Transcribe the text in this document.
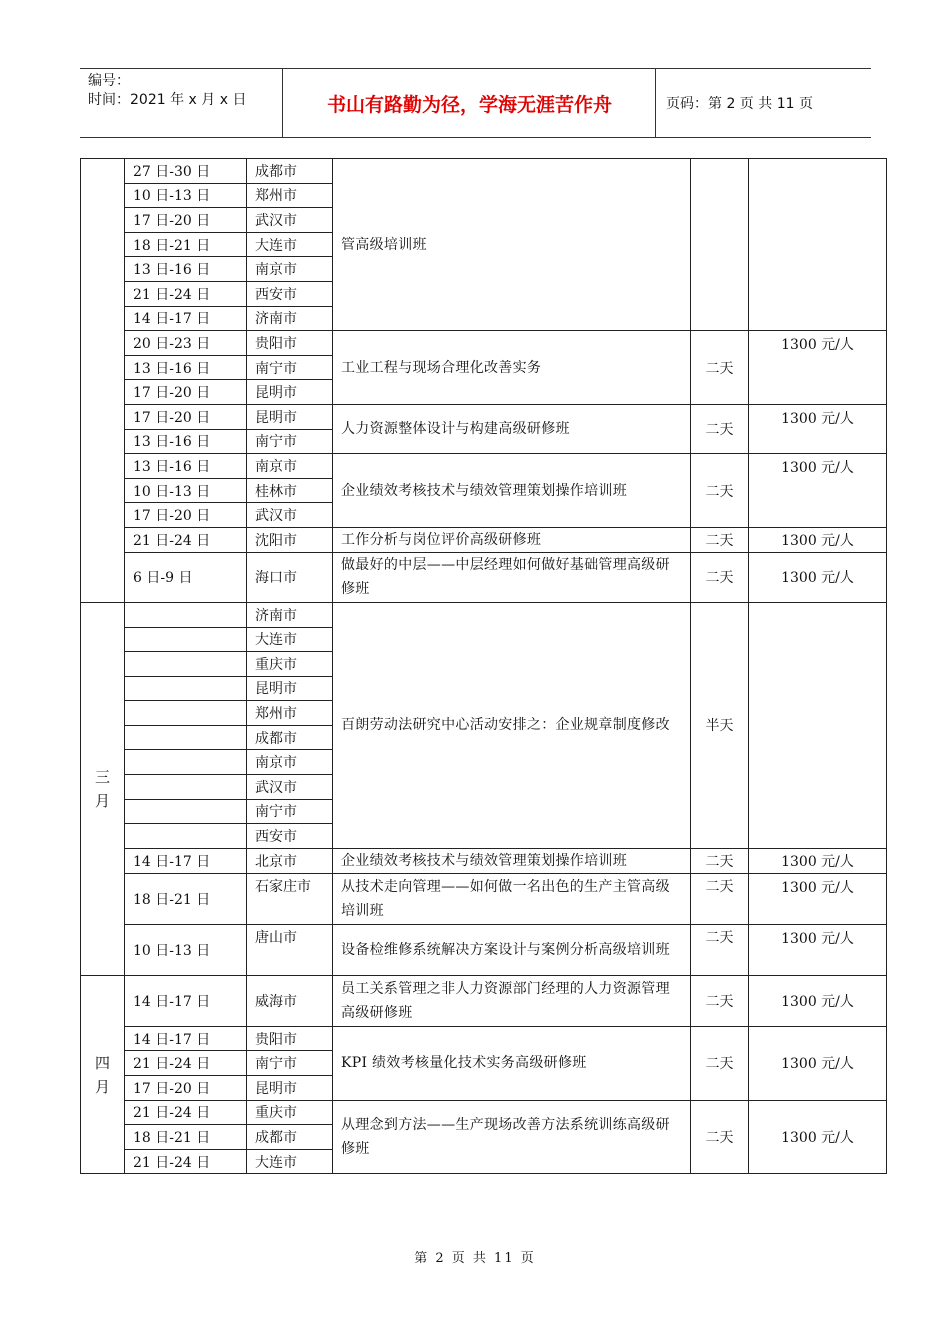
编号：
时间：2021 年 x 月 x 日	书山有路勤为径，学海无涯苦作舟	页码：第 2 页 共 11 页
	27 日-30 日	成都市	管高级培训班		
	10 日-13 日	郑州市			
	17 日-20 日	武汉市			
	18 日-21 日	大连市			
	13 日-16 日	南京市			
	21 日-24 日	西安市			
	14 日-17 日	济南市			
	20 日-23 日	贵阳市	工业工程与现场合理化改善实务	二天	1300 元/人
	13 日-16 日	南宁市			
	17 日-20 日	昆明市			
	17 日-20 日	昆明市	人力资源整体设计与构建高级研修班	二天	1300 元/人
	13 日-16 日	南宁市			
	13 日-16 日	南京市	企业绩效考核技术与绩效管理策划操作培训班	二天	1300 元/人
	10 日-13 日	桂林市			
	17 日-20 日	武汉市			
	21 日-24 日	沈阳市	工作分析与岗位评价高级研修班	二天	1300 元/人
	6 日-9 日	海口市	做最好的中层——中层经理如何做好基础管理高级研修班	二天	1300 元/人
三月		济南市	百朗劳动法研究中心活动安排之：企业规章制度修改	半天	
		大连市			
		重庆市			
		昆明市			
		郑州市			
		成都市			
		南京市			
		武汉市			
		南宁市			
		西安市			
	14 日-17 日	北京市	企业绩效考核技术与绩效管理策划操作培训班	二天	1300 元/人
	18 日-21 日	石家庄市	从技术走向管理——如何做一名出色的生产主管高级培训班	二天	1300 元/人
	10 日-13 日	唐山市	设备检维修系统解决方案设计与案例分析高级培训班	二天	1300 元/人
四月	14 日-17 日	威海市	员工关系管理之非人力资源部门经理的人力资源管理高级研修班	二天	1300 元/人
	14 日-17 日	贵阳市	KPI 绩效考核量化技术实务高级研修班	二天	1300 元/人
	21 日-24 日	南宁市			
	17 日-20 日	昆明市			
	21 日-24 日	重庆市	从理念到方法——生产现场改善方法系统训练高级研修班	二天	1300 元/人
	18 日-21 日	成都市			
	21 日-24 日	大连市			
第 2 页 共 11 页
